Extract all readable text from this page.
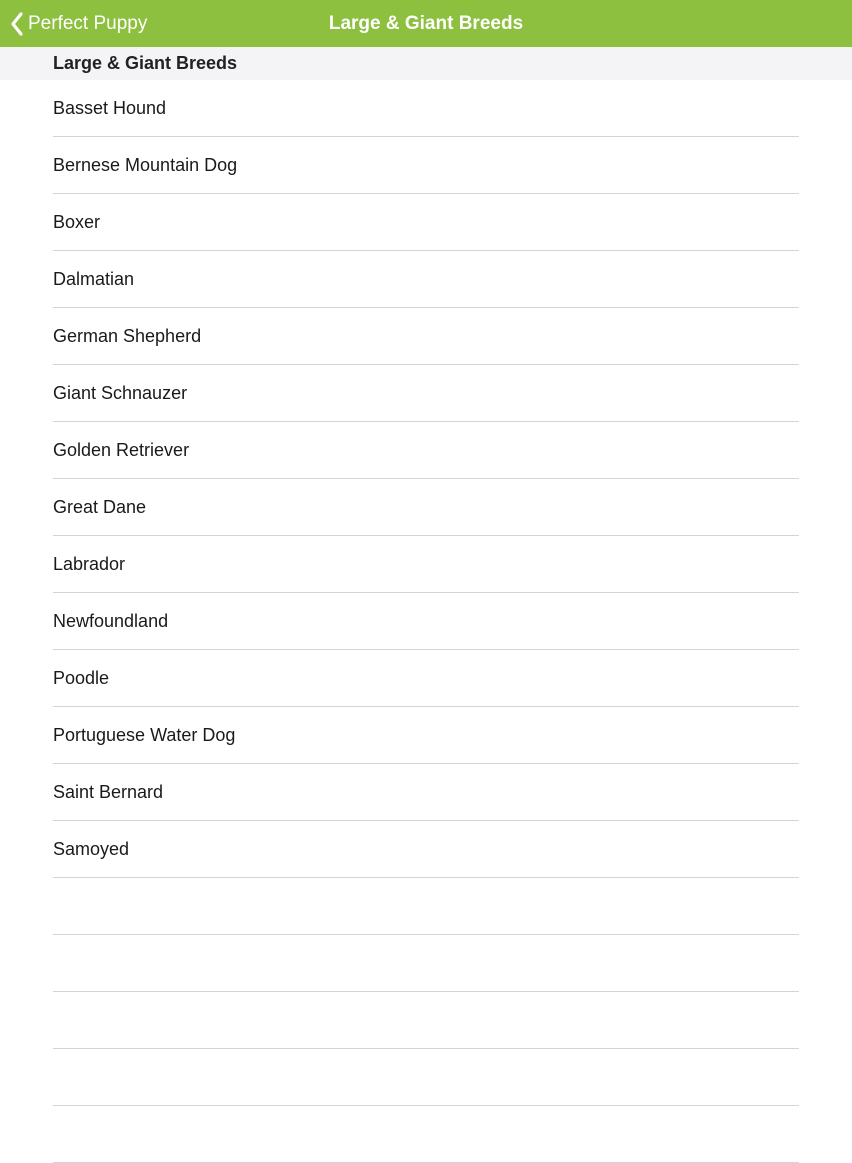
Perfect Puppy	Large & Giant Breeds
Large & Giant Breeds
Basset Hound
Bernese Mountain Dog
Boxer
Dalmatian
German Shepherd
Giant Schnauzer
Golden Retriever
Great Dane
Labrador
Newfoundland
Poodle
Portuguese Water Dog
Saint Bernard
Samoyed
